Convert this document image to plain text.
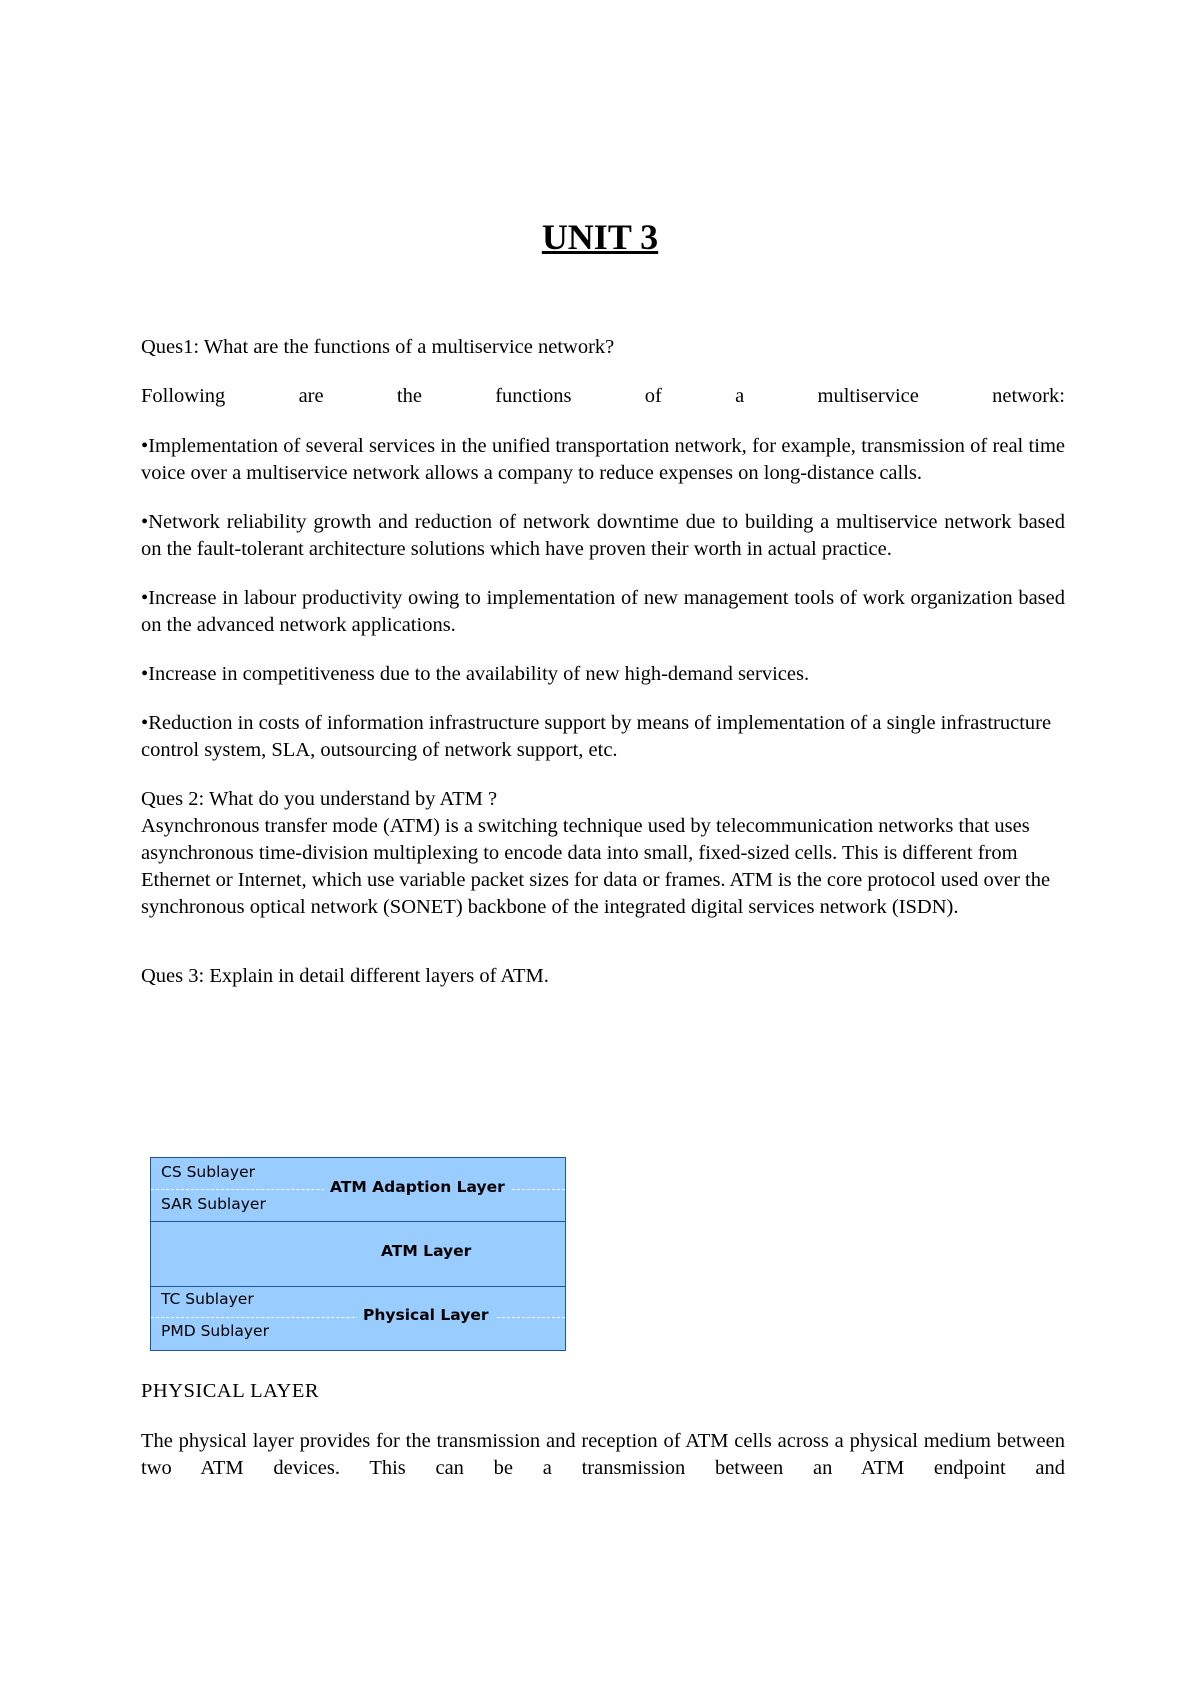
UNIT 3

Ques1: What are the functions of a multiservice network?

Following are the functions of a multiservice network:

•Implementation of several services in the unified transportation network, for example, transmission of real time voice over a multiservice network allows a company to reduce expenses on long-distance calls.

•Network reliability growth and reduction of network downtime due to building a multiservice network based on the fault-tolerant architecture solutions which have proven their worth in actual practice.

•Increase in labour productivity owing to implementation of new management tools of work organization based on the advanced network applications.

•Increase in competitiveness due to the availability of new high-demand services.

•Reduction in costs of information infrastructure support by means of implementation of a single infrastructure control system, SLA, outsourcing of network support, etc.

Ques 2: What do you understand by ATM ?

Asynchronous transfer mode (ATM) is a switching technique used by telecommunication networks that uses asynchronous time-division multiplexing to encode data into small, fixed-sized cells. This is different from Ethernet or Internet, which use variable packet sizes for data or frames. ATM is the core protocol used over the synchronous optical network (SONET) backbone of the integrated digital services network (ISDN).

Ques 3: Explain in detail different layers of ATM.

CS Sublayer
SAR Sublayer
ATM Adaption Layer
ATM Layer
TC Sublayer
PMD Sublayer
Physical Layer
PHYSICAL LAYER
The physical layer provides for the transmission and reception of ATM cells across a physical medium between two ATM devices. This can be a transmission between an ATM endpoint and
